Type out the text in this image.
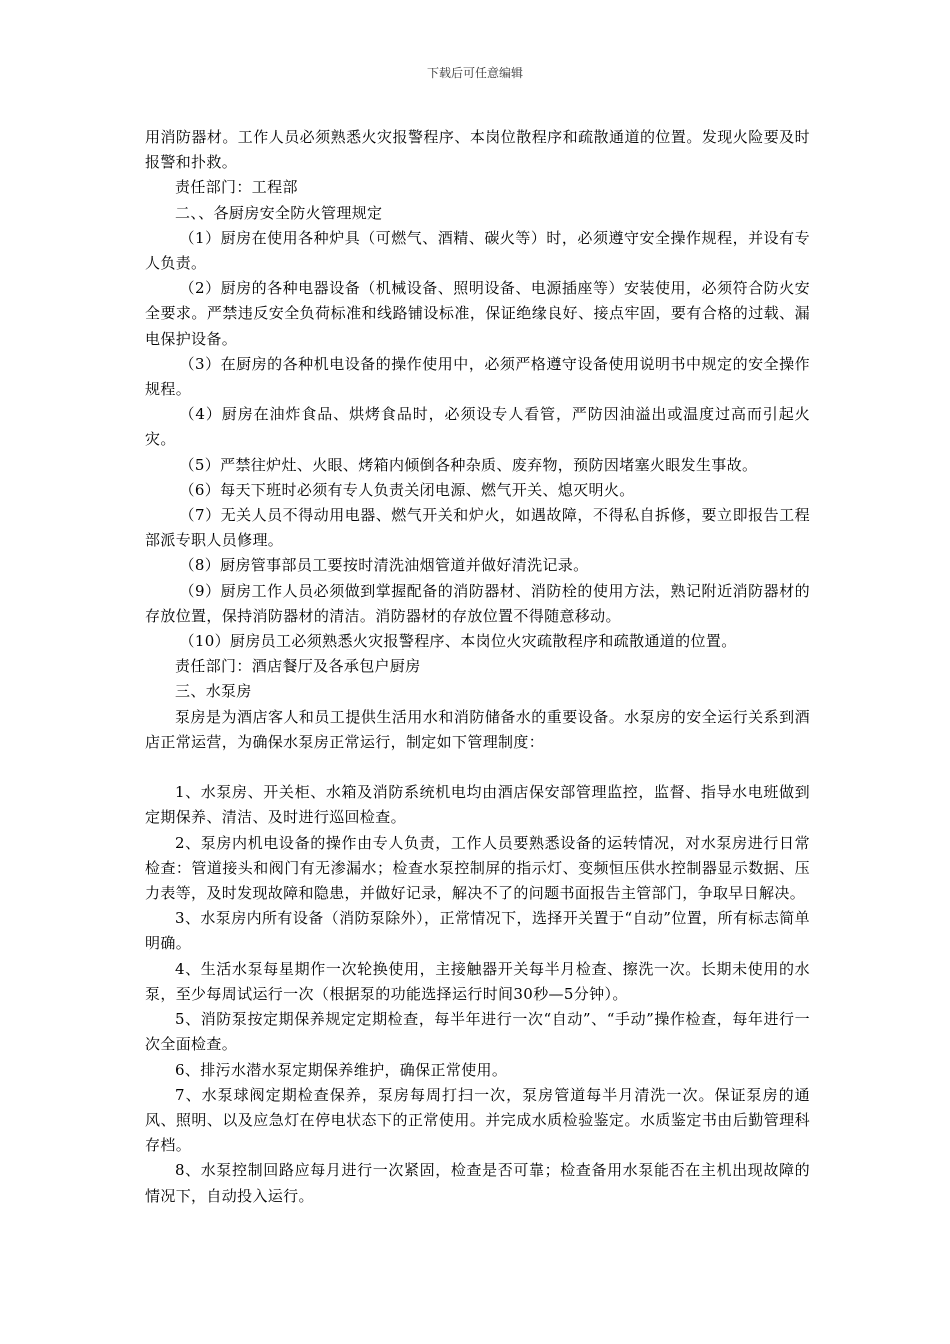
下载后可任意编辑

用消防器材。工作人员必须熟悉火灾报警程序、本岗位散程序和疏散通道的位置。发现火险要及时报警和扑救。

责任部门：工程部

二、、各厨房安全防火管理规定

（1）厨房在使用各种炉具（可燃气、酒精、碳火等）时，必须遵守安全操作规程，并设有专人负责。

（2）厨房的各种电器设备（机械设备、照明设备、电源插座等）安装使用，必须符合防火安全要求。严禁违反安全负荷标准和线路铺设标准，保证绝缘良好、接点牢固，要有合格的过载、漏电保护设备。

（3）在厨房的各种机电设备的操作使用中，必须严格遵守设备使用说明书中规定的安全操作规程。

（4）厨房在油炸食品、烘烤食品时，必须设专人看管，严防因油溢出或温度过高而引起火灾。

（5）严禁往炉灶、火眼、烤箱内倾倒各种杂质、废弃物，预防因堵塞火眼发生事故。

（6）每天下班时必须有专人负责关闭电源、燃气开关、熄灭明火。

（7）无关人员不得动用电器、燃气开关和炉火，如遇故障，不得私自拆修，要立即报告工程部派专职人员修理。

（8）厨房管事部员工要按时清洗油烟管道并做好清洗记录。

（9）厨房工作人员必须做到掌握配备的消防器材、消防栓的使用方法，熟记附近消防器材的存放位置，保持消防器材的清洁。消防器材的存放位置不得随意移动。

（10）厨房员工必须熟悉火灾报警程序、本岗位火灾疏散程序和疏散通道的位置。

责任部门：酒店餐厅及各承包户厨房

三、水泵房

泵房是为酒店客人和员工提供生活用水和消防储备水的重要设备。水泵房的安全运行关系到酒店正常运营，为确保水泵房正常运行，制定如下管理制度：

1、水泵房、开关柜、水箱及消防系统机电均由酒店保安部管理监控，监督、指导水电班做到定期保养、清洁、及时进行巡回检查。

2、泵房内机电设备的操作由专人负责，工作人员要熟悉设备的运转情况，对水泵房进行日常检查：管道接头和阀门有无渗漏水；检查水泵控制屏的指示灯、变频恒压供水控制器显示数据、压力表等，及时发现故障和隐患，并做好记录，解决不了的问题书面报告主管部门，争取早日解决。

3、水泵房内所有设备（消防泵除外），正常情况下，选择开关置于“自动”位置，所有标志简单明确。

4、生活水泵每星期作一次轮换使用，主接触器开关每半月检查、擦洗一次。长期未使用的水泵，至少每周试运行一次（根据泵的功能选择运行时间30秒—5分钟）。

5、消防泵按定期保养规定定期检查，每半年进行一次“自动”、“手动”操作检查，每年进行一次全面检查。

6、排污水潜水泵定期保养维护，确保正常使用。

7、水泵球阀定期检查保养，泵房每周打扫一次，泵房管道每半月清洗一次。保证泵房的通风、照明、以及应急灯在停电状态下的正常使用。并完成水质检验鉴定。水质鉴定书由后勤管理科存档。

8、水泵控制回路应每月进行一次紧固，检查是否可靠；检查备用水泵能否在主机出现故障的情况下，自动投入运行。
